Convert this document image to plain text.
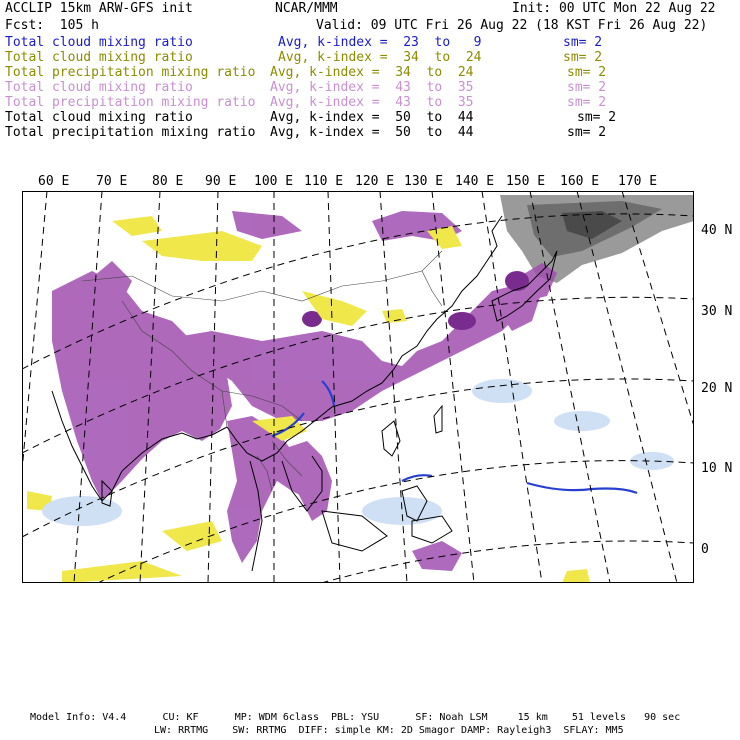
ACCLIP 15km ARW-GFS init	NCAR/MMM	Init: 00 UTC Mon 22 Aug 22
Fcst:  105 h	Valid: 09 UTC Fri 26 Aug 22 (18 KST Fri 26 Aug 22)
Total cloud mixing ratio	Avg, k-index =  23  to   9	sm= 2
Total cloud mixing ratio	Avg, k-index =  34  to  24	sm= 2
Total precipitation mixing ratio Avg, k-index =  34  to  24	sm= 2
Total cloud mixing ratio	Avg, k-index =  43  to  35	sm= 2
Total precipitation mixing ratio Avg, k-index =  43  to  35	sm= 2
Total cloud mixing ratio	Avg, k-index =  50  to  44	sm= 2
Total precipitation mixing ratio Avg, k-index =  50  to  44	sm= 2
60 E 70 E 80 E 90 E 100 E 110 E 120 E 130 E 140 E 150 E 160 E 170 E
40 N
30 N
20 N
10 N
0
Model Info: V4.4      CU: KF      MP: WDM 6class  PBL: YSU      SF: Noah LSM     15 km    51 levels   90 sec
LW: RRTMG    SW: RRTMG  DIFF: simple KM: 2D Smagor DAMP: Rayleigh3  SFLAY: MM5
